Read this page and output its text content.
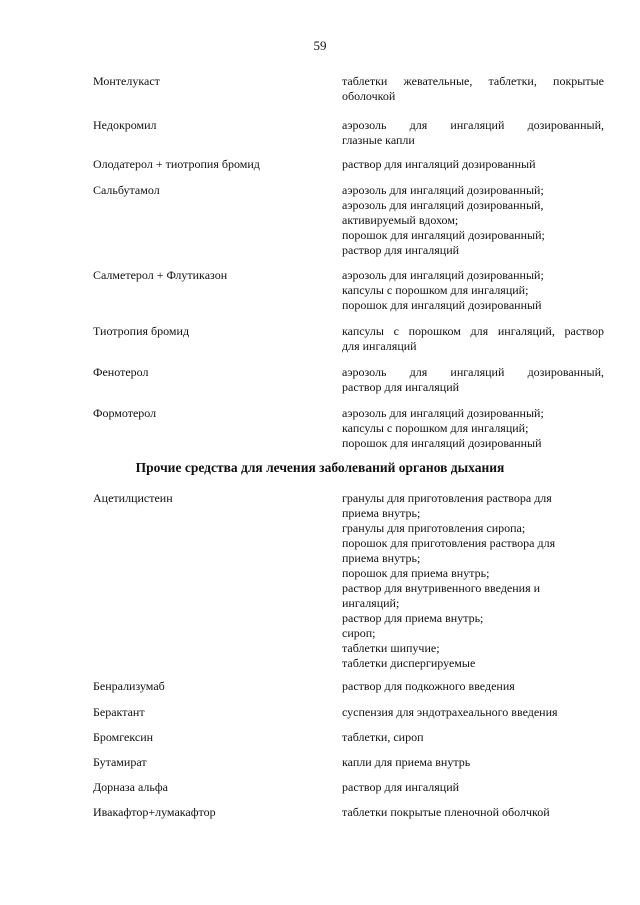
59
Монтелукаст	таблетки жевательные, таблетки, покрытые
оболочкой
Недокромил	аэрозоль для ингаляций дозированный,
глазные капли
Олодатерол + тиотропия бромид	раствор для ингаляций дозированный
Сальбутамол	аэрозоль для ингаляций дозированный;
аэрозоль для ингаляций дозированный,
активируемый вдохом;
порошок для ингаляций дозированный;
раствор для ингаляций
Салметерол + Флутиказон	аэрозоль для ингаляций дозированный;
капсулы с порошком для ингаляций;
порошок для ингаляций дозированный
Тиотропия бромид	капсулы с порошком для ингаляций, раствор
для ингаляций
Фенотерол	аэрозоль для ингаляций дозированный,
раствор для ингаляций
Формотерол	аэрозоль для ингаляций дозированный;
капсулы с порошком для ингаляций;
порошок для ингаляций дозированный
Прочие средства для лечения заболеваний органов дыхания
Ацетилцистеин	гранулы для приготовления раствора для
приема внутрь;
гранулы для приготовления сиропа;
порошок для приготовления раствора для
приема внутрь;
порошок для приема внутрь;
раствор для внутривенного введения и
ингаляций;
раствор для приема внутрь;
сироп;
таблетки шипучие;
таблетки диспергируемые
Бенрализумаб	раствор для подкожного введения
Берактант	суспензия для эндотрахеального введения
Бромгексин	таблетки, сироп
Бутамират	капли для приема внутрь
Дорназа альфа	раствор для ингаляций
Ивакафтор+лумакафтор	таблетки покрытые пленочной оболчкой
